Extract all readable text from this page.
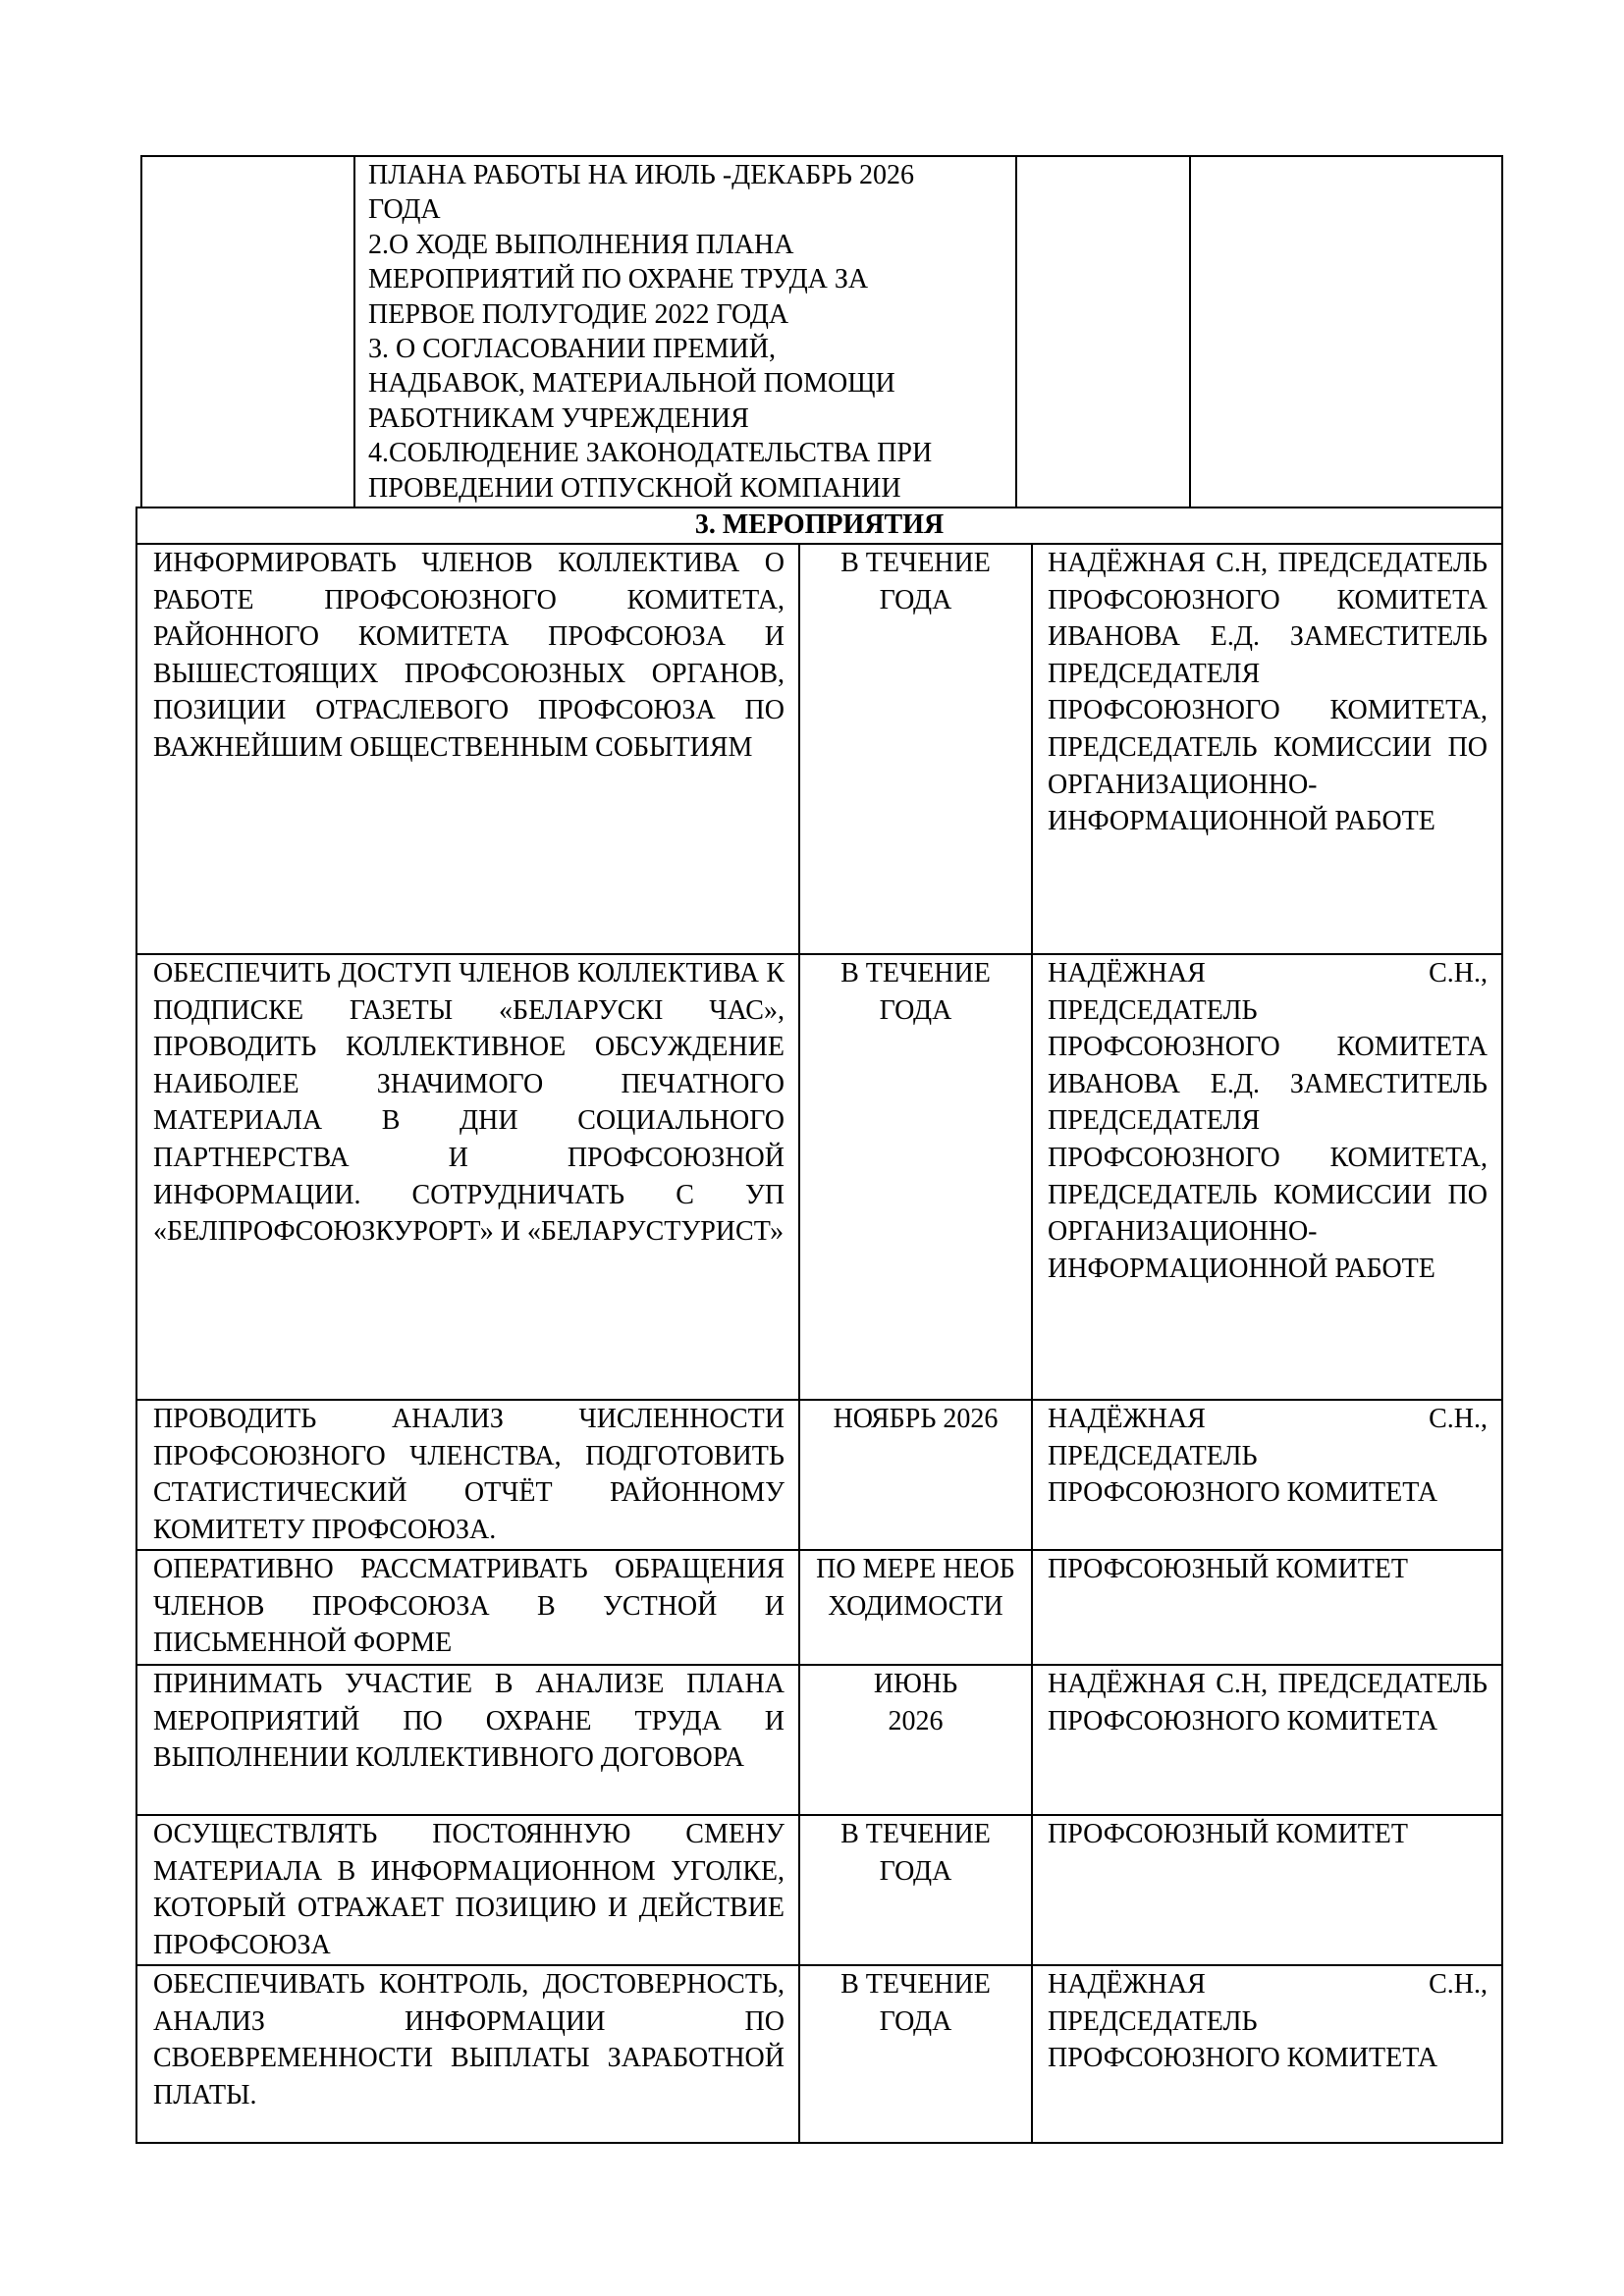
ПЛАНА РАБОТЫ НА ИЮЛЬ -ДЕКАБРЬ 2026
ГОДА
2.О ХОДЕ ВЫПОЛНЕНИЯ ПЛАНА
МЕРОПРИЯТИЙ ПО ОХРАНЕ ТРУДА ЗА
ПЕРВОЕ ПОЛУГОДИЕ 2022 ГОДА
3. О СОГЛАСОВАНИИ ПРЕМИЙ,
НАДБАВОК, МАТЕРИАЛЬНОЙ ПОМОЩИ
РАБОТНИКАМ УЧРЕЖДЕНИЯ
4.СОБЛЮДЕНИЕ ЗАКОНОДАТЕЛЬСТВА ПРИ
ПРОВЕДЕНИИ ОТПУСКНОЙ КОМПАНИИ

3. МЕРОПРИЯТИЯ		
ИНФОРМИРОВАТЬ ЧЛЕНОВ КОЛЛЕКТИВА О РАБОТЕ ПРОФСОЮЗНОГО КОМИТЕТА, РАЙОННОГО КОМИТЕТА ПРОФСОЮЗА И ВЫШЕСТОЯЩИХ ПРОФСОЮЗНЫХ ОРГАНОВ, ПОЗИЦИИ ОТРАСЛЕВОГО ПРОФСОЮЗА ПО ВАЖНЕЙШИМ ОБЩЕСТВЕННЫМ СОБЫТИЯМ	В ТЕЧЕНИЕ ГОДА	НАДЁЖНАЯ С.Н, ПРЕДСЕДАТЕЛЬ ПРОФСОЮЗНОГО КОМИТЕТА ИВАНОВА Е.Д. ЗАМЕСТИТЕЛЬ ПРЕДСЕДАТЕЛЯ ПРОФСОЮЗНОГО КОМИТЕТА, ПРЕДСЕДАТЕЛЬ КОМИССИИ ПО ОРГАНИЗАЦИОННО-ИНФОРМАЦИОННОЙ РАБОТЕ
ОБЕСПЕЧИТЬ ДОСТУП ЧЛЕНОВ КОЛЛЕКТИВА К ПОДПИСКЕ ГАЗЕТЫ «БЕЛАРУСКІ ЧАС», ПРОВОДИТЬ КОЛЛЕКТИВНОЕ ОБСУЖДЕНИЕ НАИБОЛЕЕ ЗНАЧИМОГО ПЕЧАТНОГО МАТЕРИАЛА В ДНИ СОЦИАЛЬНОГО ПАРТНЕРСТВА И ПРОФСОЮЗНОЙ ИНФОРМАЦИИ. СОТРУДНИЧАТЬ С УП «БЕЛПРОФСОЮЗКУРОРТ» И «БЕЛАРУСТУРИСТ»	В ТЕЧЕНИЕ ГОДА	НАДЁЖНАЯ С.Н., ПРЕДСЕДАТЕЛЬ ПРОФСОЮЗНОГО КОМИТЕТА ИВАНОВА Е.Д. ЗАМЕСТИТЕЛЬ ПРЕДСЕДАТЕЛЯ ПРОФСОЮЗНОГО КОМИТЕТА, ПРЕДСЕДАТЕЛЬ КОМИССИИ ПО ОРГАНИЗАЦИОННО-ИНФОРМАЦИОННОЙ РАБОТЕ
ПРОВОДИТЬ АНАЛИЗ ЧИСЛЕННОСТИ ПРОФСОЮЗНОГО ЧЛЕНСТВА, ПОДГОТОВИТЬ СТАТИСТИЧЕСКИЙ ОТЧЁТ РАЙОННОМУ КОМИТЕТУ ПРОФСОЮЗА.	НОЯБРЬ 2026	НАДЁЖНАЯ С.Н., ПРЕДСЕДАТЕЛЬ ПРОФСОЮЗНОГО КОМИТЕТА
ОПЕРАТИВНО РАССМАТРИВАТЬ ОБРАЩЕНИЯ ЧЛЕНОВ ПРОФСОЮЗА В УСТНОЙ И ПИСЬМЕННОЙ ФОРМЕ	ПО МЕРЕ НЕОБХОДИМОСТИ	ПРОФСОЮЗНЫЙ КОМИТЕТ
ПРИНИМАТЬ УЧАСТИЕ В АНАЛИЗЕ ПЛАНА МЕРОПРИЯТИЙ ПО ОХРАНЕ ТРУДА И ВЫПОЛНЕНИИ КОЛЛЕКТИВНОГО ДОГОВОРА	ИЮНЬ 2026	НАДЁЖНАЯ С.Н, ПРЕДСЕДАТЕЛЬ ПРОФСОЮЗНОГО КОМИТЕТА
ОСУЩЕСТВЛЯТЬ ПОСТОЯННУЮ СМЕНУ МАТЕРИАЛА В ИНФОРМАЦИОННОМ УГОЛКЕ, КОТОРЫЙ ОТРАЖАЕТ ПОЗИЦИЮ И ДЕЙСТВИЕ ПРОФСОЮЗА	В ТЕЧЕНИЕ ГОДА	ПРОФСОЮЗНЫЙ КОМИТЕТ
ОБЕСПЕЧИВАТЬ КОНТРОЛЬ, ДОСТОВЕРНОСТЬ, АНАЛИЗ ИНФОРМАЦИИ ПО СВОЕВРЕМЕННОСТИ ВЫПЛАТЫ ЗАРАБОТНОЙ ПЛАТЫ.	В ТЕЧЕНИЕ ГОДА	НАДЁЖНАЯ С.Н., ПРЕДСЕДАТЕЛЬ ПРОФСОЮЗНОГО КОМИТЕТА
